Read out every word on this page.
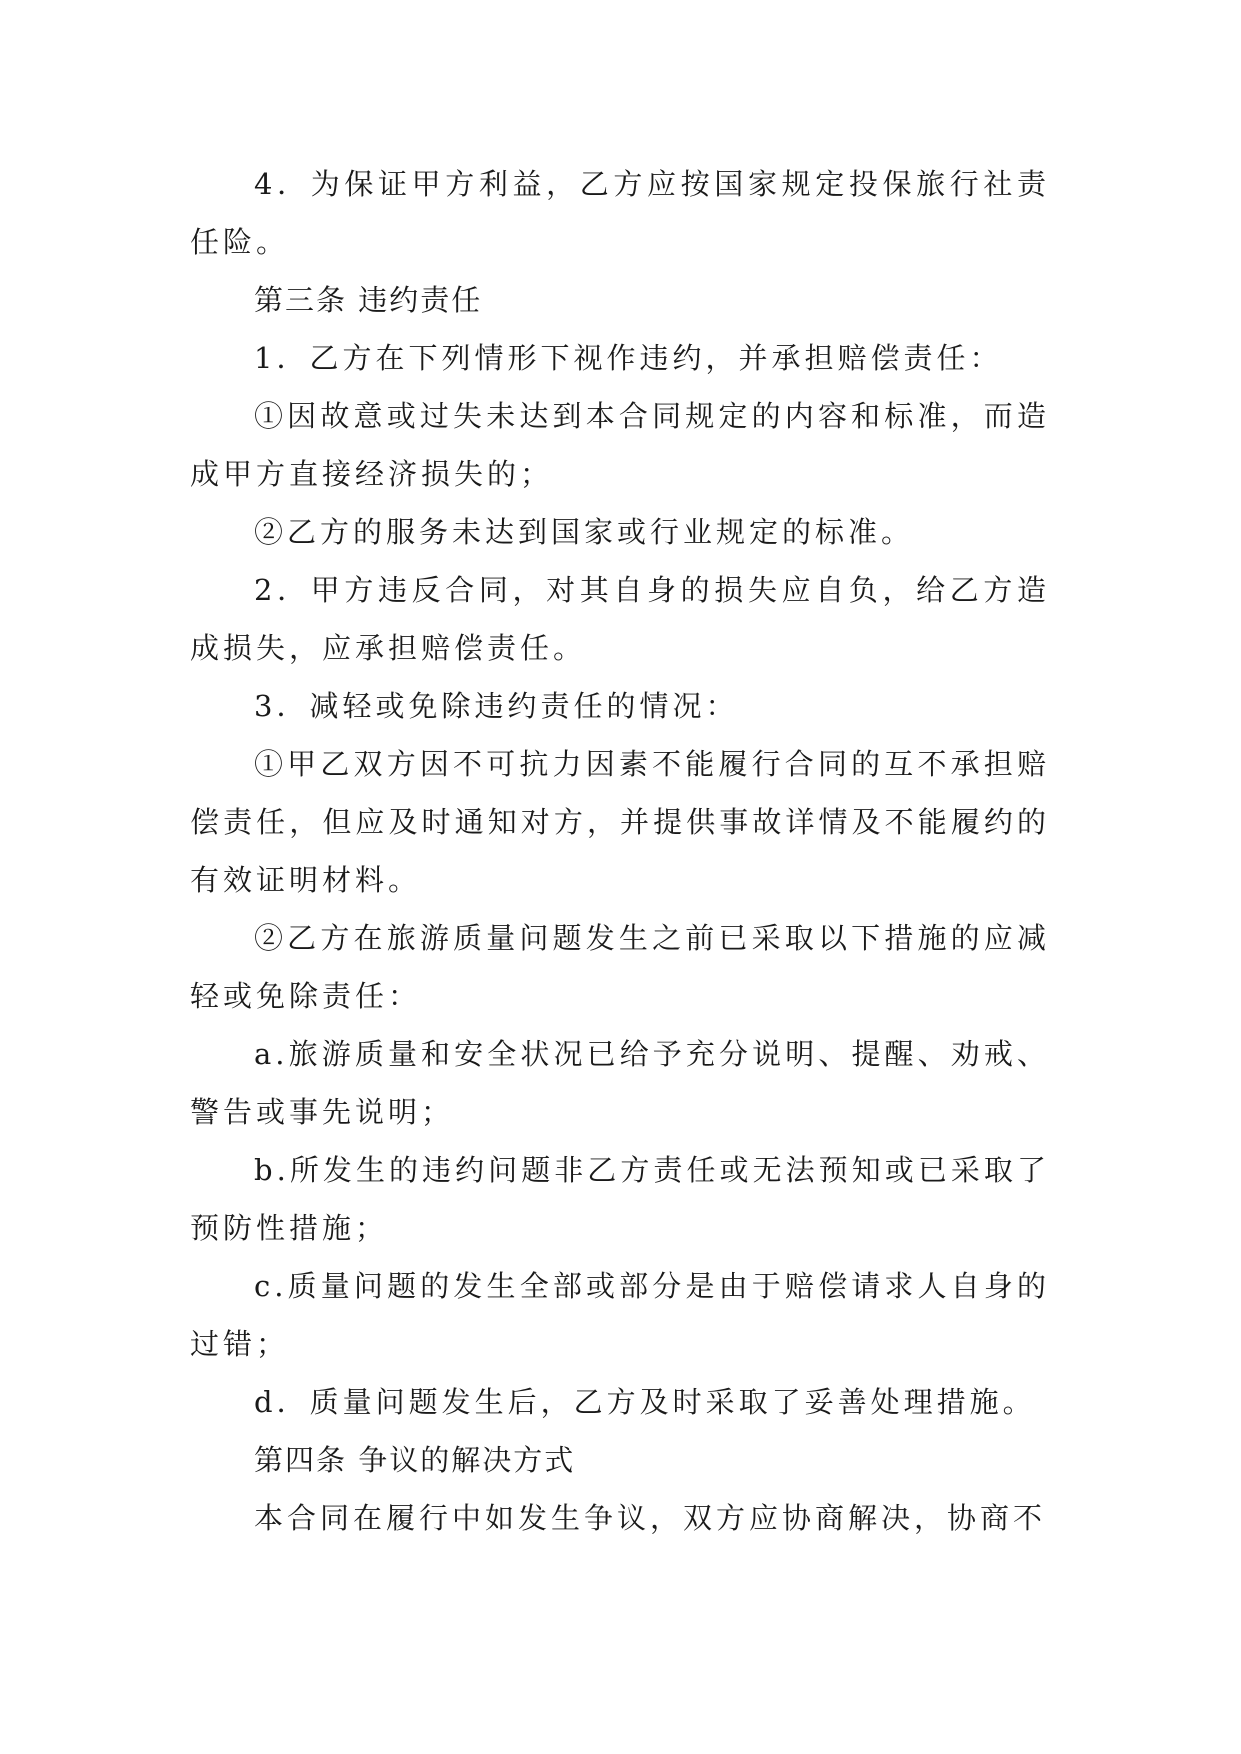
4．为保证甲方利益，乙方应按国家规定投保旅行社责任险。

第三条 违约责任

1．乙方在下列情形下视作违约，并承担赔偿责任：

①因故意或过失未达到本合同规定的内容和标准，而造成甲方直接经济损失的；

②乙方的服务未达到国家或行业规定的标准。

2．甲方违反合同，对其自身的损失应自负，给乙方造成损失，应承担赔偿责任。

3．减轻或免除违约责任的情况：

①甲乙双方因不可抗力因素不能履行合同的互不承担赔偿责任，但应及时通知对方，并提供事故详情及不能履约的有效证明材料。

②乙方在旅游质量问题发生之前已采取以下措施的应减轻或免除责任：

a.旅游质量和安全状况已给予充分说明、提醒、劝戒、警告或事先说明；

b.所发生的违约问题非乙方责任或无法预知或已采取了预防性措施；

c.质量问题的发生全部或部分是由于赔偿请求人自身的过错；

d．质量问题发生后，乙方及时采取了妥善处理措施。

第四条 争议的解决方式

本合同在履行中如发生争议，双方应协商解决，协商不
